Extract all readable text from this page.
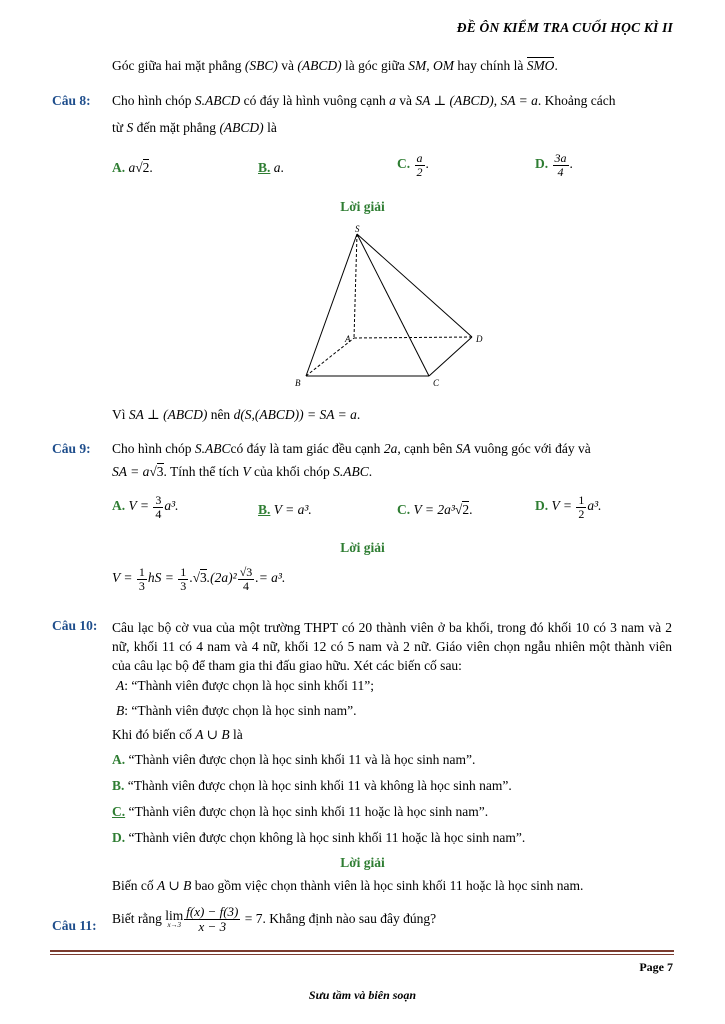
ĐỀ ÔN KIỂM TRA CUỐI HỌC KÌ II
Góc giữa hai mặt phẳng (SBC) và (ABCD) là góc giữa SM, OM hay chính là SMO.
Câu 8: Cho hình chóp S.ABCD có đáy là hình vuông cạnh a và SA ⊥ (ABCD), SA = a. Khoảng cách
từ S đến mặt phẳng (ABCD) là
A. a√2.	B. a.	C. $\frac{a}{2}$ .	D. $\frac{3a}{4}$ .
Lời giải
S
A
B	C
D
Vì SA ⊥ (ABCD) nên d(S,(ABCD)) = SA = a.
Câu 9: Cho hình chóp S.ABCcó đáy là tam giác đều cạnh 2a, cạnh bên SA vuông góc với đáy và
SA = a√3. Tính thể tích V của khối chóp S.ABC.
A. $V = \frac{3}{4} a^3$.	B. V = a³.	C. V = 2a³√2.	D. $V = \frac{1}{2} a^3$.
Lời giải
$V = \frac{1}{3}$ hS = $\frac{1}{3} .√3.(2a)^2 \frac{√3}{4}$ .= a³.
Câu 10: Câu lạc bộ cờ vua của một trường THPT có 20 thành viên ở ba khối, trong đó khối 10 có 3 nam và 2 nữ, khối 11 có 4 nam và 4 nữ, khối 12 có 5 nam và 2 nữ. Giáo viên chọn ngẫu nhiên một thành viên của câu lạc bộ để tham gia thi đấu giao hữu. Xét các biến cố sau:
A: “Thành viên được chọn là học sinh khối 11”;
B: “Thành viên được chọn là học sinh nam”.
Khi đó biến cố A ∪ B là
A. “Thành viên được chọn là học sinh khối 11 và là học sinh nam”.
B. “Thành viên được chọn là học sinh khối 11 và không là học sinh nam”.
C. “Thành viên được chọn là học sinh khối 11 hoặc là học sinh nam”.
D. “Thành viên được chọn không là học sinh khối 11 hoặc là học sinh nam”.
Lời giải
Biến cố A ∪ B bao gồm việc chọn thành viên là học sinh khối 11 hoặc là học sinh nam.
Câu 11: Biết rằng lim
$x\to 3 \frac{f(x) - f(3)}{x - 3} = 7$. Khẳng định nào sau đây đúng?
Page 7
Sưu tầm và biên soạn
